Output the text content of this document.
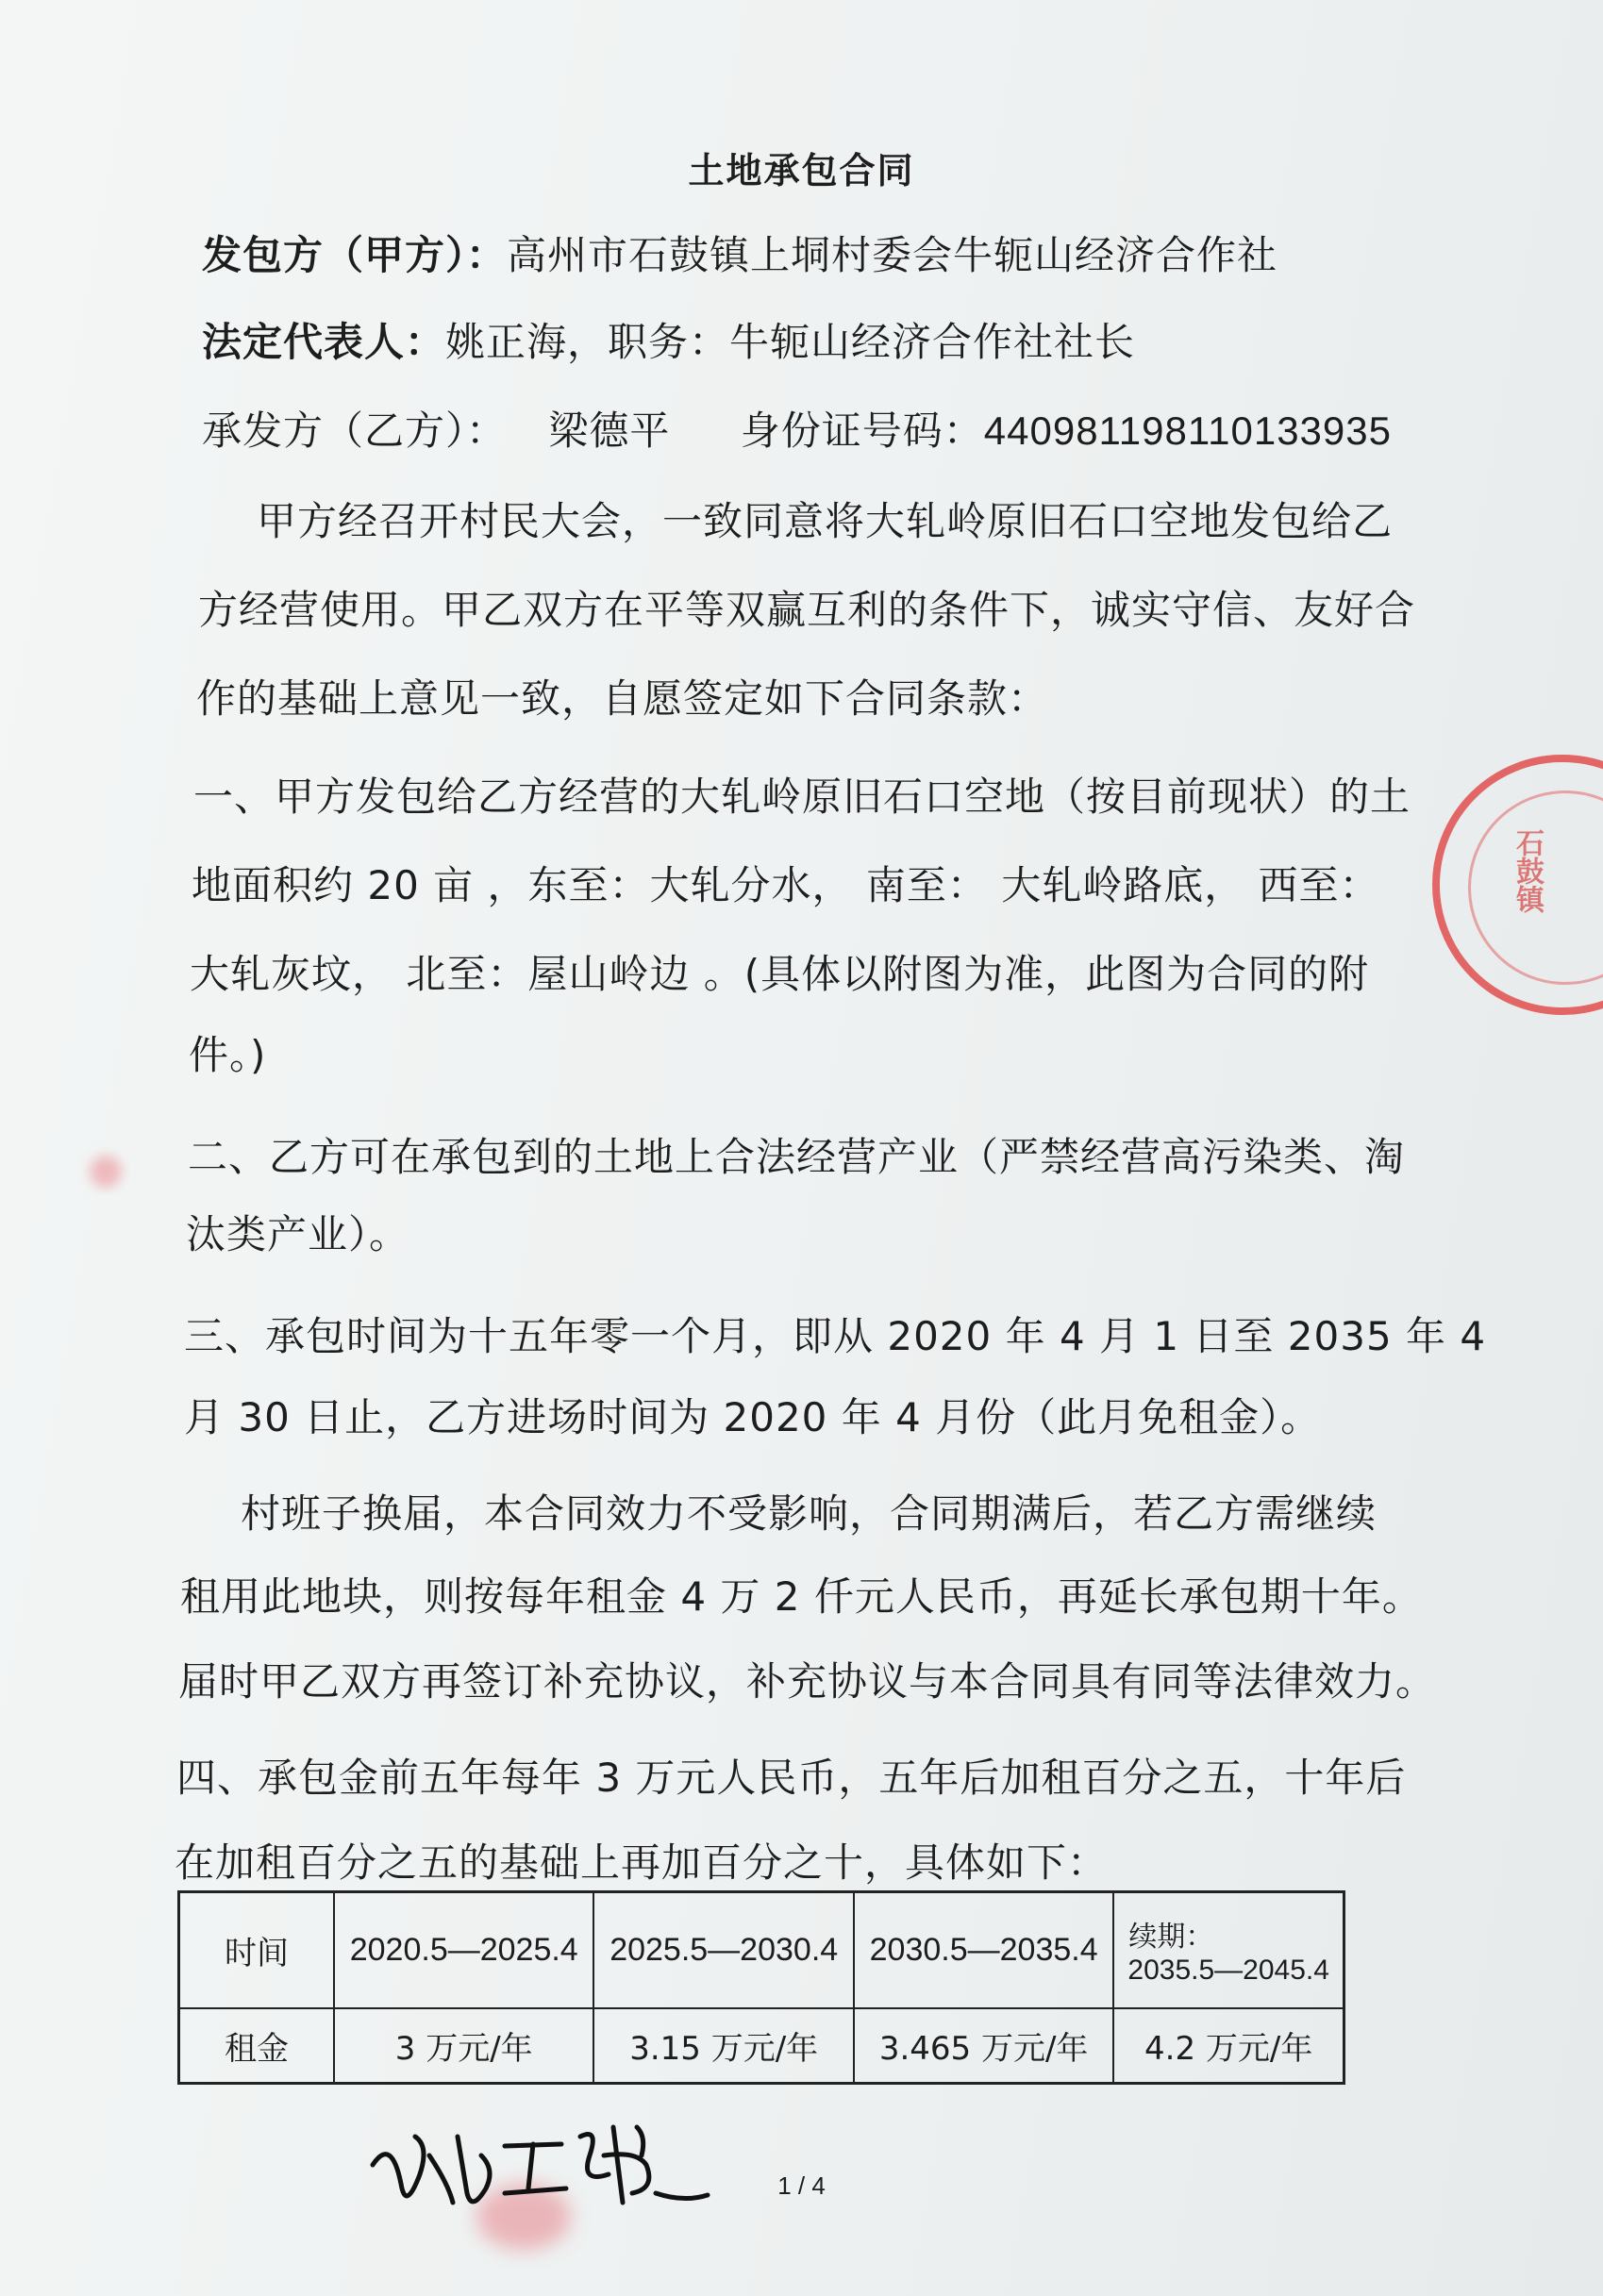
土地承包合同
发包方（甲方）：高州市石鼓镇上垌村委会牛轭山经济合作社
法定代表人：姚正海，职务：牛轭山经济合作社社长
承发方（乙方）： 梁德平 身份证号码：440981198110133935
甲方经召开村民大会，一致同意将大轧岭原旧石口空地发包给乙
方经营使用。甲乙双方在平等双赢互利的条件下，诚实守信、友好合
作的基础上意见一致，自愿签定如下合同条款：
一、甲方发包给乙方经营的大轧岭原旧石口空地（按目前现状）的土
地面积约 20 亩 ，东至：大轧分水， 南至： 大轧岭路底， 西至：
大轧灰坟， 北至：屋山岭边 。(具体以附图为准，此图为合同的附
件。)
二、乙方可在承包到的土地上合法经营产业（严禁经营高污染类、淘
汰类产业）。
三、承包时间为十五年零一个月，即从 2020 年 4 月 1 日至 2035 年 4
月 30 日止，乙方进场时间为 2020 年 4 月份（此月免租金）。
村班子换届，本合同效力不受影响，合同期满后，若乙方需继续
租用此地块，则按每年租金 4 万 2 仟元人民币，再延长承包期十年。
届时甲乙双方再签订补充协议，补充协议与本合同具有同等法律效力。
四、承包金前五年每年 3 万元人民币，五年后加租百分之五，十年后
在加租百分之五的基础上再加百分之十，具体如下：
时间	2020.5—2025.4	2025.5—2030.4	2030.5—2035.4	续期：
2035.5—2045.4

租金	3 万元/年	3.15 万元/年	3.465 万元/年	4.2 万元/年
1 / 4
石鼓镇
